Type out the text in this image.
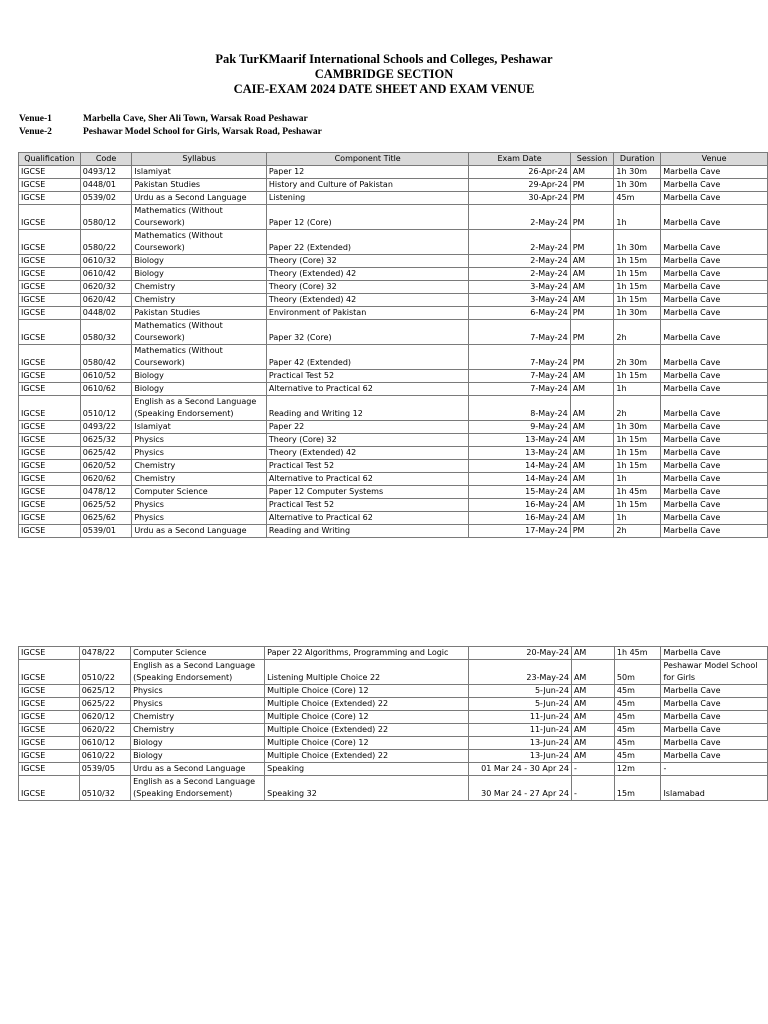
Pak TurKMaarif International Schools and Colleges, Peshawar
CAMBRIDGE SECTION
CAIE-EXAM 2024 DATE SHEET AND EXAM VENUE
Venue-1	Marbella Cave, Sher Ali Town, Warsak Road Peshawar
Venue-2	Peshawar Model School for Girls, Warsak Road, Peshawar
Qualification	Code	Syllabus	Component Title	Exam Date	Session	Duration	Venue
IGCSE	0493/12	Islamiyat	Paper 12	26-Apr-24	AM	1h 30m	Marbella Cave
IGCSE	0448/01	Pakistan Studies	History and Culture of Pakistan	29-Apr-24	PM	1h 30m	Marbella Cave
IGCSE	0539/02	Urdu as a Second Language	Listening	30-Apr-24	PM	45m	Marbella Cave
IGCSE	0580/12	Mathematics (Without Coursework)	Paper 12 (Core)	2-May-24	PM	1h	Marbella Cave
IGCSE	0580/22	Mathematics (Without Coursework)	Paper 22 (Extended)	2-May-24	PM	1h 30m	Marbella Cave
IGCSE	0610/32	Biology	Theory (Core) 32	2-May-24	AM	1h 15m	Marbella Cave
IGCSE	0610/42	Biology	Theory (Extended) 42	2-May-24	AM	1h 15m	Marbella Cave
IGCSE	0620/32	Chemistry	Theory (Core) 32	3-May-24	AM	1h 15m	Marbella Cave
IGCSE	0620/42	Chemistry	Theory (Extended) 42	3-May-24	AM	1h 15m	Marbella Cave
IGCSE	0448/02	Pakistan Studies	Environment of Pakistan	6-May-24	PM	1h 30m	Marbella Cave
IGCSE	0580/32	Mathematics (Without Coursework)	Paper 32 (Core)	7-May-24	PM	2h	Marbella Cave
IGCSE	0580/42	Mathematics (Without Coursework)	Paper 42 (Extended)	7-May-24	PM	2h 30m	Marbella Cave
IGCSE	0610/52	Biology	Practical Test 52	7-May-24	AM	1h 15m	Marbella Cave
IGCSE	0610/62	Biology	Alternative to Practical 62	7-May-24	AM	1h	Marbella Cave
IGCSE	0510/12	English as a Second Language (Speaking Endorsement)	Reading and Writing 12	8-May-24	AM	2h	Marbella Cave
IGCSE	0493/22	Islamiyat	Paper 22	9-May-24	AM	1h 30m	Marbella Cave
IGCSE	0625/32	Physics	Theory (Core) 32	13-May-24	AM	1h 15m	Marbella Cave
IGCSE	0625/42	Physics	Theory (Extended) 42	13-May-24	AM	1h 15m	Marbella Cave
IGCSE	0620/52	Chemistry	Practical Test 52	14-May-24	AM	1h 15m	Marbella Cave
IGCSE	0620/62	Chemistry	Alternative to Practical 62	14-May-24	AM	1h	Marbella Cave
IGCSE	0478/12	Computer Science	Paper 12 Computer Systems	15-May-24	AM	1h 45m	Marbella Cave
IGCSE	0625/52	Physics	Practical Test 52	16-May-24	AM	1h 15m	Marbella Cave
IGCSE	0625/62	Physics	Alternative to Practical 62	16-May-24	AM	1h	Marbella Cave
IGCSE	0539/01	Urdu as a Second Language	Reading and Writing	17-May-24	PM	2h	Marbella Cave
IGCSE	0478/22	Computer Science	Paper 22 Algorithms, Programming and Logic	20-May-24	AM	1h 45m	Marbella Cave
IGCSE	0510/22	English as a Second Language (Speaking Endorsement)	Listening Multiple Choice 22	23-May-24	AM	50m	Peshawar Model School for Girls
IGCSE	0625/12	Physics	Multiple Choice (Core) 12	5-Jun-24	AM	45m	Marbella Cave
IGCSE	0625/22	Physics	Multiple Choice (Extended) 22	5-Jun-24	AM	45m	Marbella Cave
IGCSE	0620/12	Chemistry	Multiple Choice (Core) 12	11-Jun-24	AM	45m	Marbella Cave
IGCSE	0620/22	Chemistry	Multiple Choice (Extended) 22	11-Jun-24	AM	45m	Marbella Cave
IGCSE	0610/12	Biology	Multiple Choice (Core) 12	13-Jun-24	AM	45m	Marbella Cave
IGCSE	0610/22	Biology	Multiple Choice (Extended) 22	13-Jun-24	AM	45m	Marbella Cave
IGCSE	0539/05	Urdu as a Second Language	Speaking	01 Mar 24 - 30 Apr 24	-	12m	-
IGCSE	0510/32	English as a Second Language (Speaking Endorsement)	Speaking 32	30 Mar 24 - 27 Apr 24	-	15m	Islamabad
